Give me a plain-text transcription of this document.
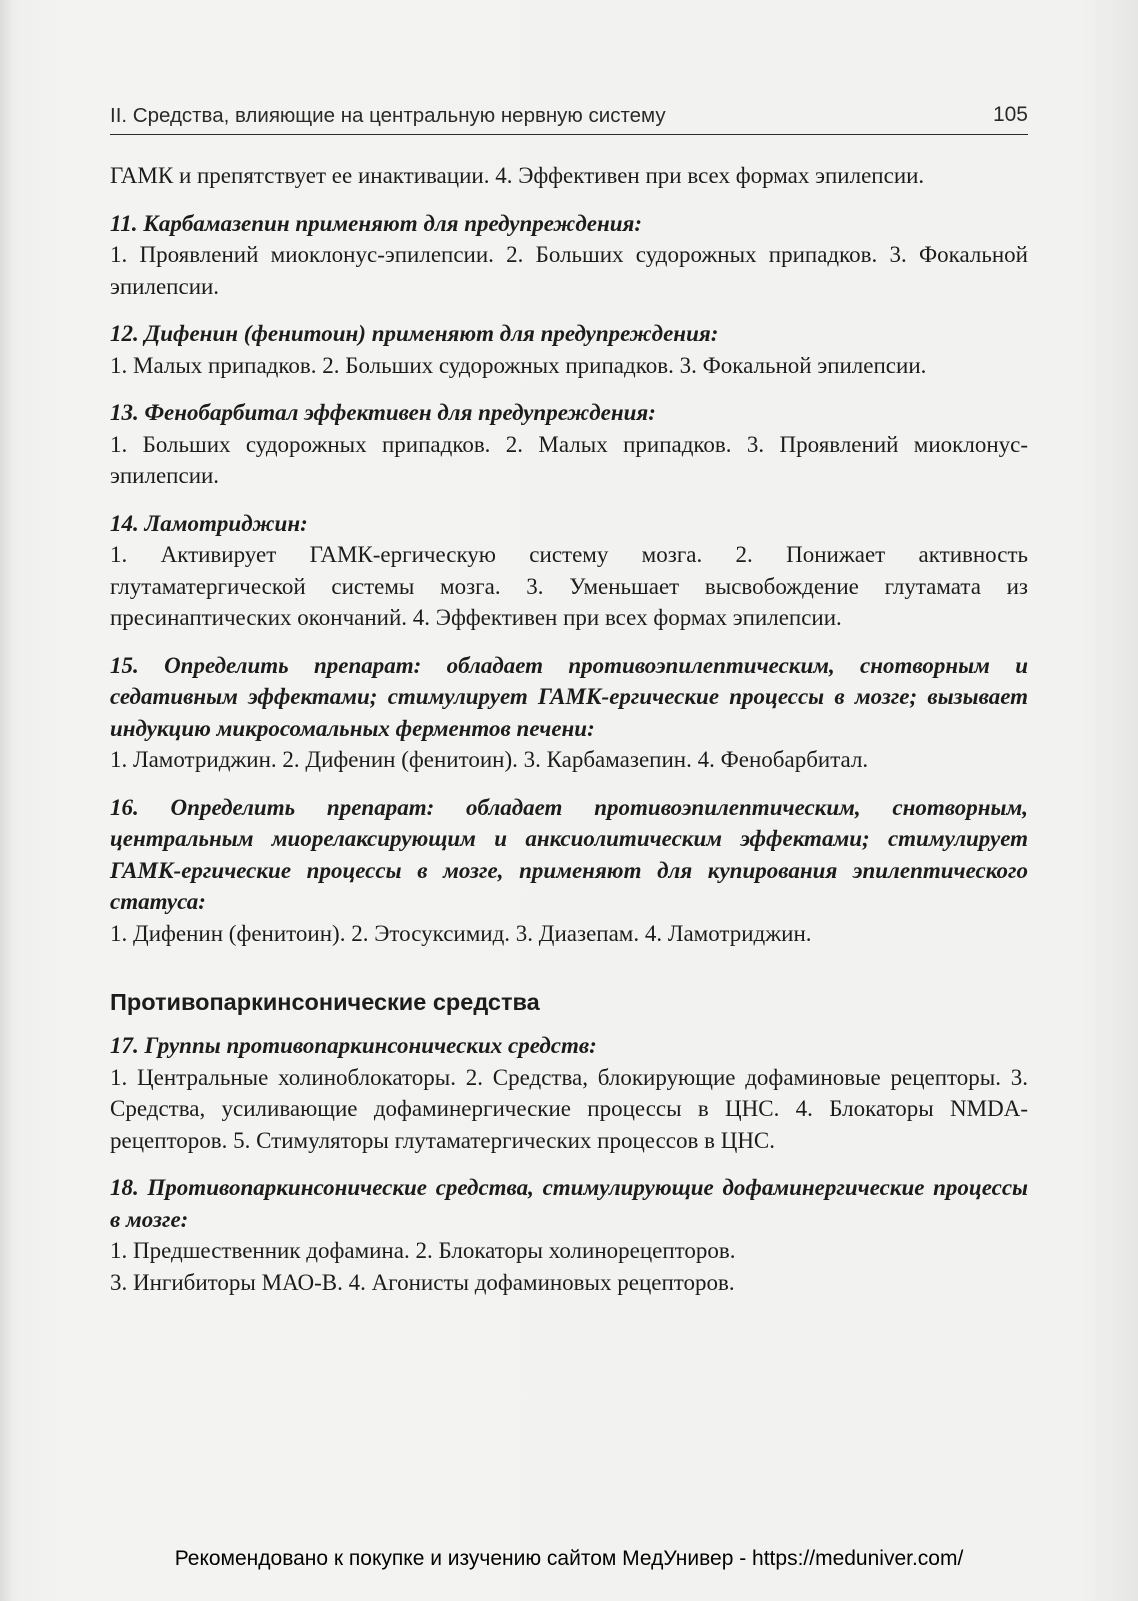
II. Средства, влияющие на центральную нервную систему	105

ГАМК и препятствует ее инактивации. 4. Эффективен при всех формах эпилепсии.

11. Карбамазепин применяют для предупреждения:

1. Проявлений миоклонус-эпилепсии. 2. Больших судорожных припадков. 3. Фокальной эпилепсии.

12. Дифенин (фенитоин) применяют для предупреждения:

1. Малых припадков. 2. Больших судорожных припадков. 3. Фокальной эпилепсии.

13. Фенобарбитал эффективен для предупреждения:

1. Больших судорожных припадков. 2. Малых припадков. 3. Проявлений миоклонус-эпилепсии.

14. Ламотриджин:

1. Активирует ГАМК-ергическую систему мозга. 2. Понижает активность глутаматергической системы мозга. 3. Уменьшает высвобождение глутамата из пресинаптических окончаний. 4. Эффективен при всех формах эпилепсии.

15. Определить препарат: обладает противоэпилептическим, снотворным и седативным эффектами; стимулирует ГАМК-ергические процессы в мозге; вызывает индукцию микросомальных ферментов печени:

1. Ламотриджин. 2. Дифенин (фенитоин). 3. Карбамазепин. 4. Фенобарбитал.

16. Определить препарат: обладает противоэпилептическим, снотворным, центральным миорелаксирующим и анксиолитическим эффектами; стимулирует ГАМК-ергические процессы в мозге, применяют для купирования эпилептического статуса:

1. Дифенин (фенитоин). 2. Этосуксимид. 3. Диазепам. 4. Ламотриджин.

Противопаркинсонические средства

17. Группы противопаркинсонических средств:

1. Центральные холиноблокаторы. 2. Средства, блокирующие дофаминовые рецепторы. 3. Средства, усиливающие дофаминергические процессы в ЦНС. 4. Блокаторы NMDA-рецепторов. 5. Стимуляторы глутаматергических процессов в ЦНС.

18. Противопаркинсонические средства, стимулирующие дофаминергические процессы в мозге:

1. Предшественник дофамина. 2. Блокаторы холинорецепторов.

3. Ингибиторы МАО-В. 4. Агонисты дофаминовых рецепторов.

Рекомендовано к покупке и изучению сайтом МедУнивер - https://meduniver.com/
